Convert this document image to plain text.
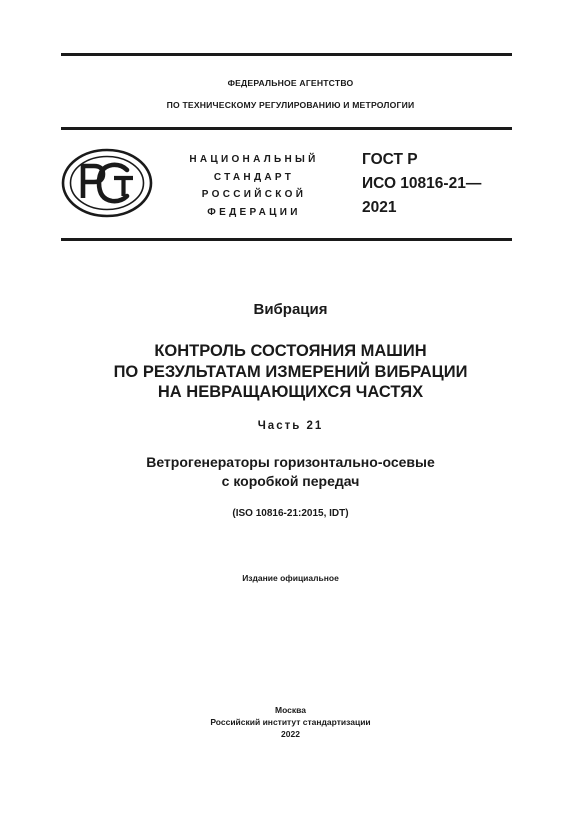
ФЕДЕРАЛЬНОЕ АГЕНТСТВО
ПО ТЕХНИЧЕСКОМУ РЕГУЛИРОВАНИЮ И МЕТРОЛОГИИ
РСТ
НАЦИОНАЛЬНЫЙ
СТАНДАРТ
РОССИЙСКОЙ
ФЕДЕРАЦИИ
ГОСТ Р
ИСО 10816-21—
2021
Вибрация
КОНТРОЛЬ СОСТОЯНИЯ МАШИН
ПО РЕЗУЛЬТАТАМ ИЗМЕРЕНИЙ ВИБРАЦИИ
НА НЕВРАЩАЮЩИХСЯ ЧАСТЯХ
Часть 21
Ветрогенераторы горизонтально-осевые
с коробкой передач
(ISO 10816-21:2015, IDT)
Издание официальное
Москва
Российский институт стандартизации
2022
